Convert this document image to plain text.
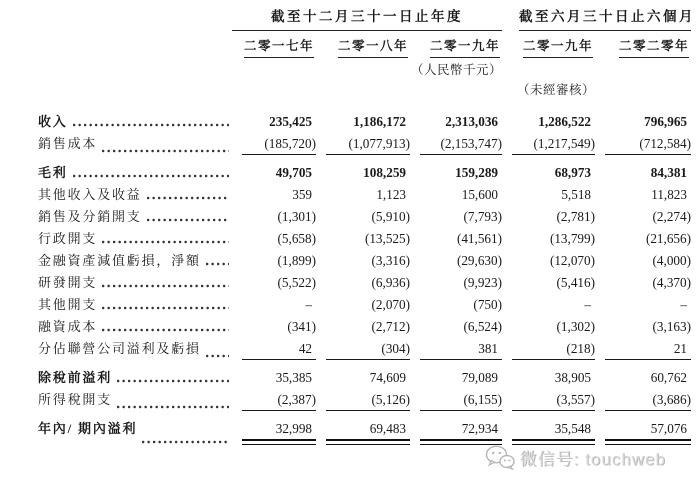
截至十二月三十一日止年度	截至六月三十日止六個月
二零一七年	二零一八年	二零一九年	二零一九年	二零二零年
（人民幣千元）
（未經審核）
收入	235,425	1,186,172	2,313,036	1,286,522	796,965
銷售成本	(185,720)	(1,077,913)	(2,153,747)	(1,217,549)	(712,584)
毛利	49,705	108,259	159,289	68,973	84,381
其他收入及收益	359	1,123	15,600	5,518	11,823
銷售及分銷開支	(1,301)	(5,910)	(7,793)	(2,781)	(2,274)
行政開支	(5,658)	(13,525)	(41,561)	(13,799)	(21,656)
金融資產減值虧損，淨額	(1,899)	(3,316)	(29,630)	(12,070)	(4,000)
研發開支	(5,522)	(6,936)	(9,923)	(5,416)	(4,370)
其他開支	–	(2,070)	(750)	–	–
融資成本	(341)	(2,712)	(6,524)	(1,302)	(3,163)
分佔聯營公司溢利及虧損	42	(304)	381	(218)	21
除稅前溢利	35,385	74,609	79,089	38,905	60,762
所得稅開支	(2,387)	(5,126)	(6,155)	(3,557)	(3,686)
年內/ 期內溢利	32,998	69,483	72,934	35,548	57,076
微信号: touchweb
